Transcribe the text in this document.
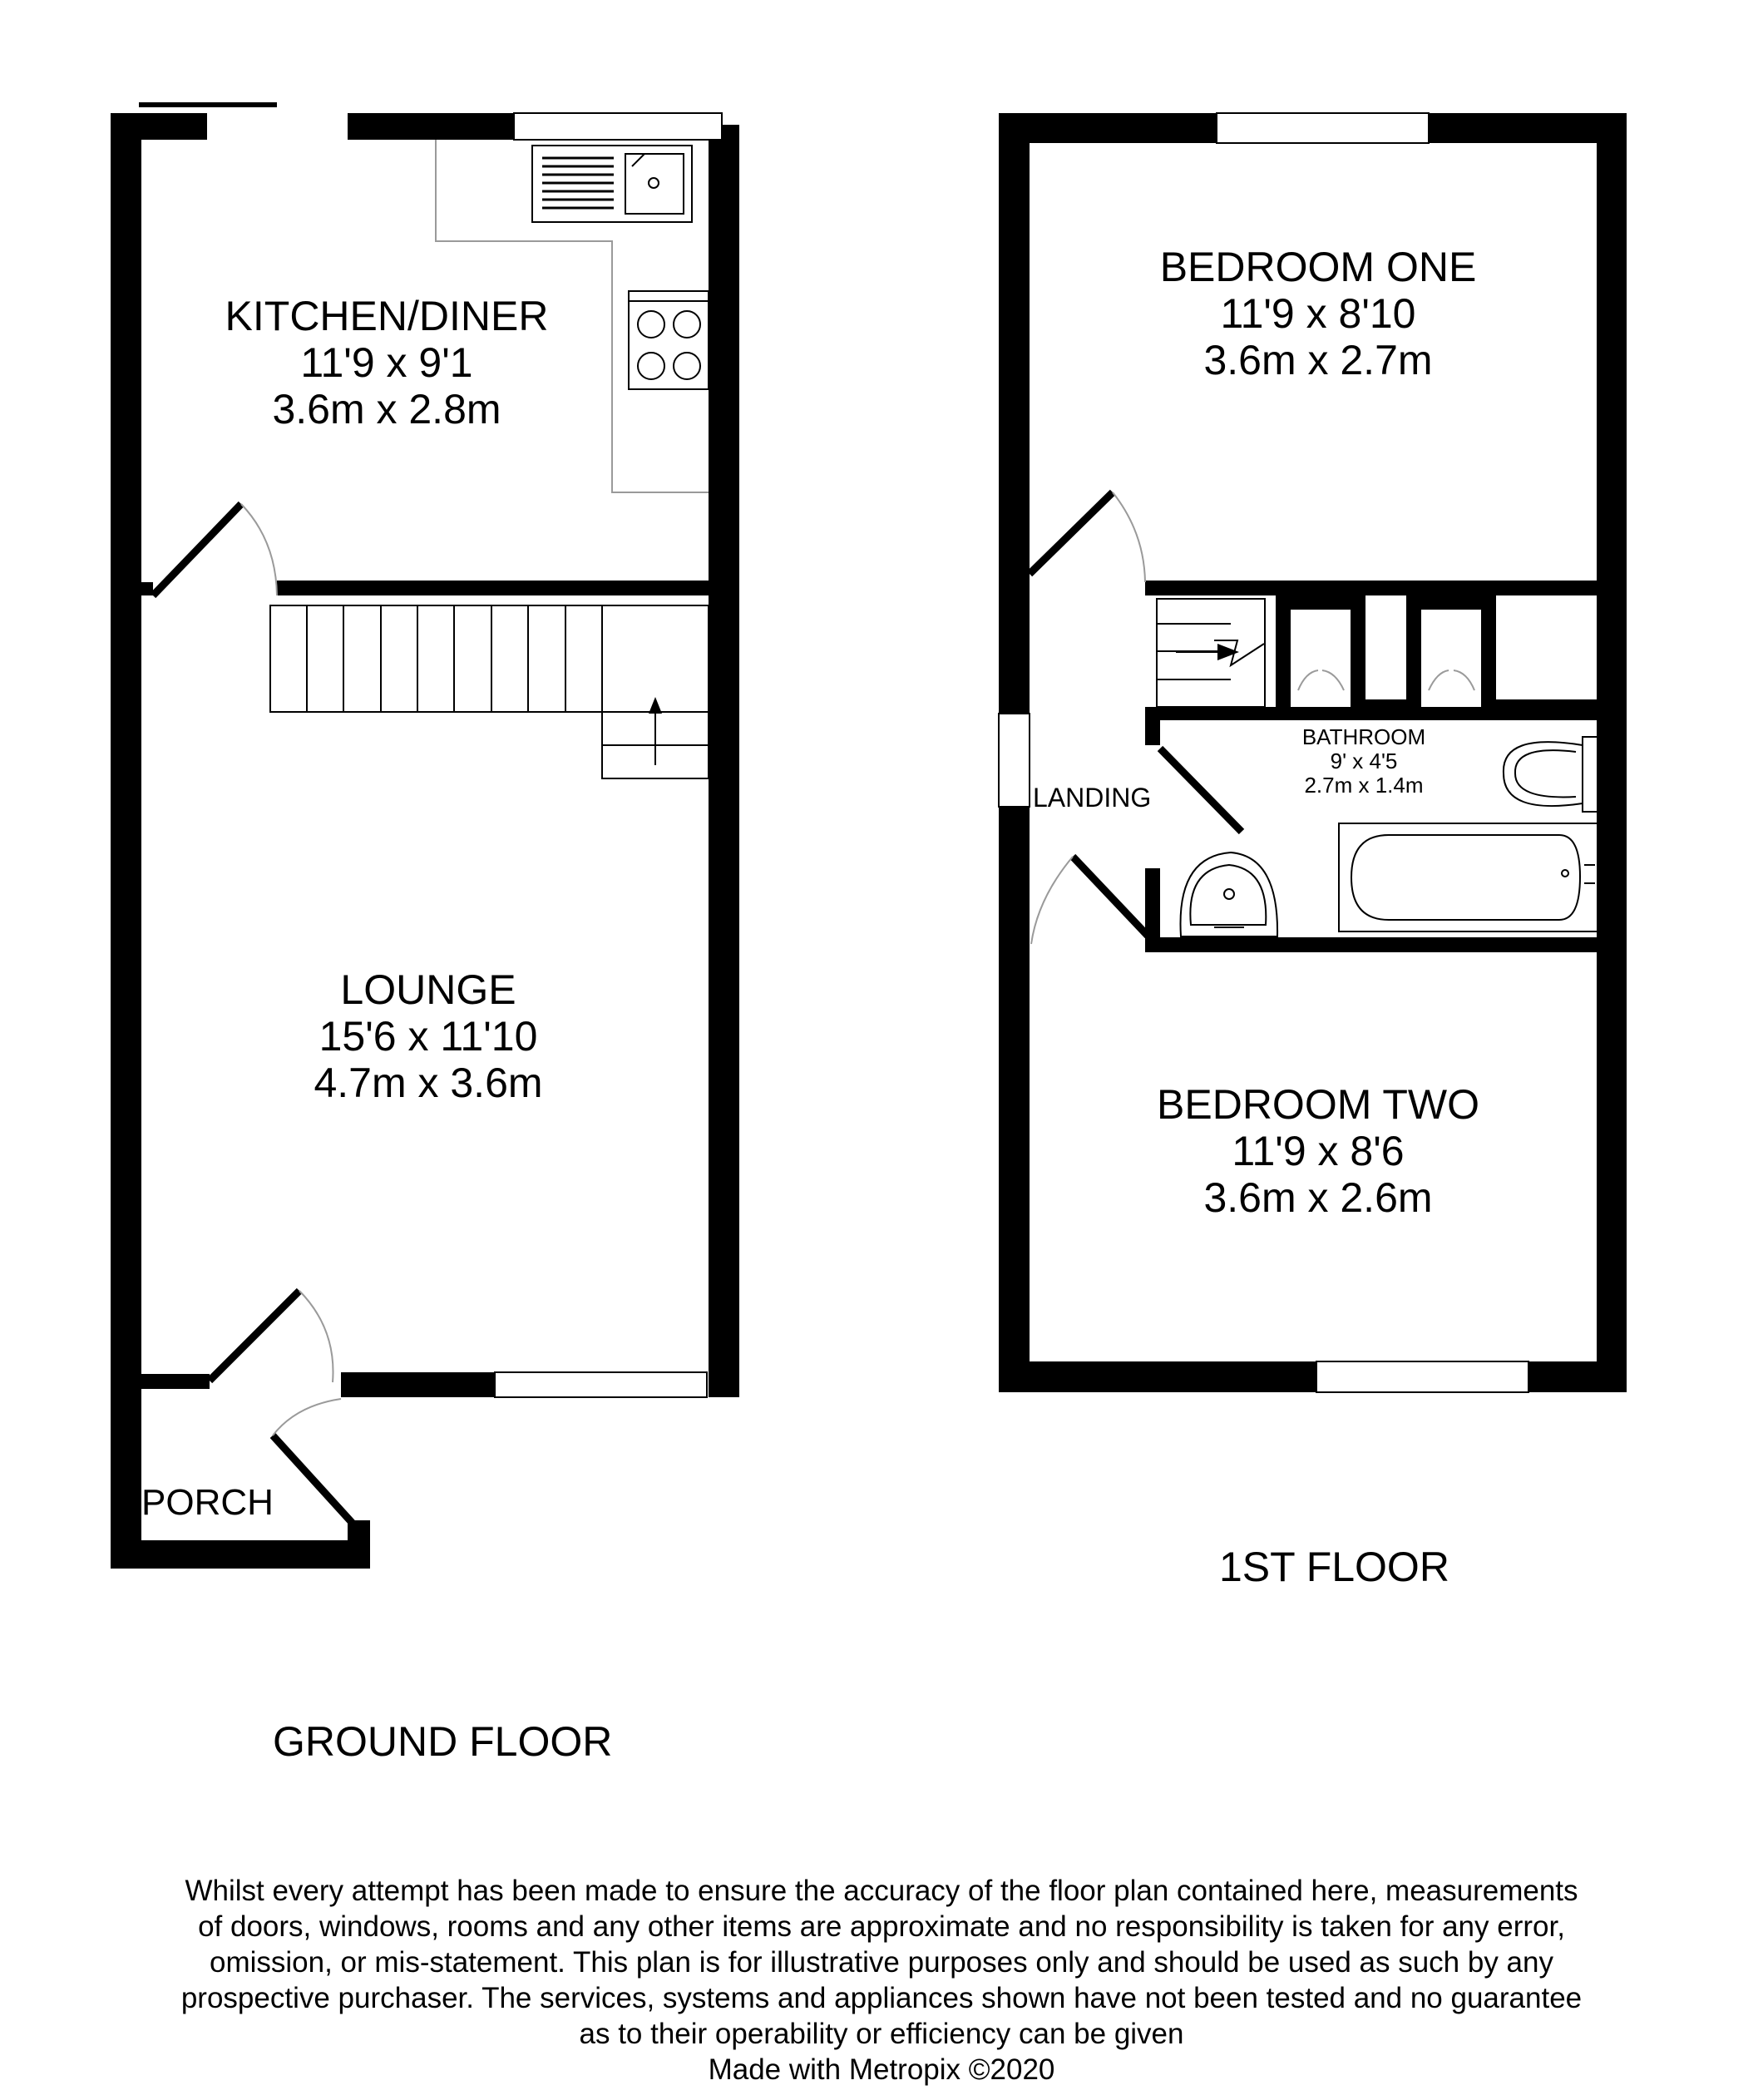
KITCHEN/DINER
11'9 x 9'1
3.6m x 2.8m
LOUNGE
15'6 x 11'10
4.7m x 3.6m
PORCH
BEDROOM ONE
11'9 x 8'10
3.6m x 2.7m
BATHROOM
9' x 4'5
2.7m x 1.4m
LANDING
BEDROOM TWO
11'9 x 8'6
3.6m x 2.6m
GROUND FLOOR
1ST FLOOR
Whilst every attempt has been made to ensure the accuracy of the floor plan contained here, measurements
of doors, windows, rooms and any other items are approximate and no responsibility is taken for any error,
omission, or mis-statement. This plan is for illustrative purposes only and should be used as such by any
prospective purchaser. The services, systems and appliances shown have not been tested and no guarantee
as to their operability or efficiency can be given
Made with Metropix ©2020
